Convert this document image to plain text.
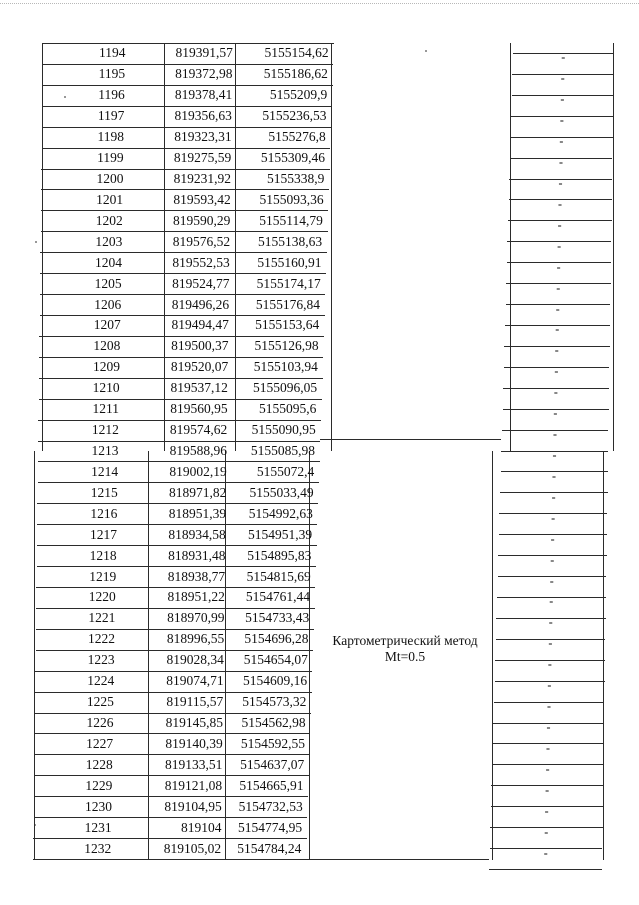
Картометрический метод
Mt=0.5
1194	819391,57	5155154,62	-
1195	819372,98	5155186,62	-
1196	819378,41	5155209,9	-
1197	819356,63	5155236,53	-
1198	819323,31	5155276,8	-
1199	819275,59	5155309,46	-
1200	819231,92	5155338,9	-
1201	819593,42	5155093,36	-
1202	819590,29	5155114,79	-
1203	819576,52	5155138,63	-
1204	819552,53	5155160,91	-
1205	819524,77	5155174,17	-
1206	819496,26	5155176,84	-
1207	819494,47	5155153,64	-
1208	819500,37	5155126,98	-
1209	819520,07	5155103,94	-
1210	819537,12	5155096,05	-
1211	819560,95	5155095,6	-
1212	819574,62	5155090,95	-
1213	819588,96	5155085,98	-
1214	819002,19	5155072,4	-
1215	818971,82	5155033,49	-
1216	818951,39	5154992,63	-
1217	818934,58	5154951,39	-
1218	818931,48	5154895,83	-
1219	818938,77	5154815,69	-
1220	818951,22	5154761,44	-
1221	818970,99	5154733,43	-
1222	818996,55	5154696,28	-
1223	819028,34	5154654,07	-
1224	819074,71	5154609,16	-
1225	819115,57	5154573,32	-
1226	819145,85	5154562,98	-
1227	819140,39	5154592,55	-
1228	819133,51	5154637,07	-
1229	819121,08	5154665,91	-
1230	819104,95	5154732,53	-
1231	819104	5154774,95	-
1232	819105,02	5154784,24	-
